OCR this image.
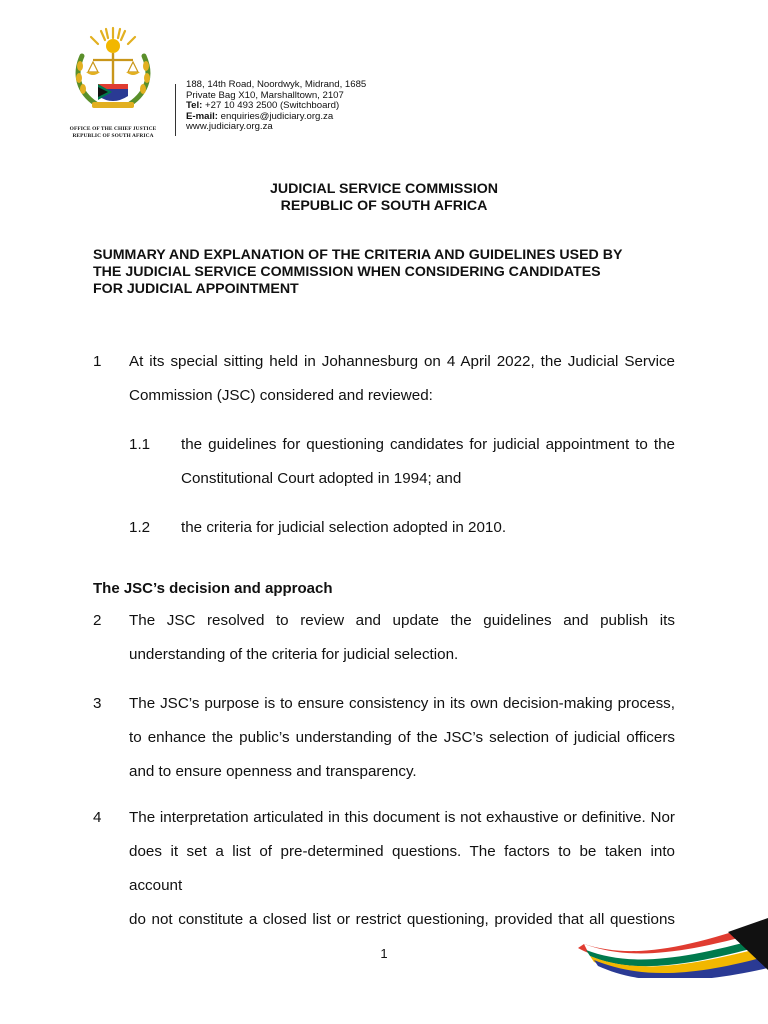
OFFICE OF THE CHIEF JUSTICE
REPUBLIC OF SOUTH AFRICA
188, 14th Road, Noordwyk, Midrand, 1685
Private Bag X10, Marshalltown, 2107
Tel: +27 10 493 2500 (Switchboard)
E-mail: enquiries@judiciary.org.za
www.judiciary.org.za
JUDICIAL SERVICE COMMISSION
REPUBLIC OF SOUTH AFRICA
SUMMARY AND EXPLANATION OF THE CRITERIA AND GUIDELINES USED BY
THE JUDICIAL SERVICE COMMISSION WHEN CONSIDERING CANDIDATES
FOR JUDICIAL APPOINTMENT
1 At its special sitting held in Johannesburg on 4 April 2022, the Judicial Service
Commission (JSC) considered and reviewed:
1.1 the guidelines for questioning candidates for judicial appointment to the
Constitutional Court adopted in 1994; and
1.2 the criteria for judicial selection adopted in 2010.
The JSC’s decision and approach
2 The JSC resolved to review and update the guidelines and publish its
understanding of the criteria for judicial selection.
3 The JSC’s purpose is to ensure consistency in its own decision-making process,
to enhance the public’s understanding of the JSC’s selection of judicial officers
and to ensure openness and transparency.
4 The interpretation articulated in this document is not exhaustive or definitive. Nor
does it set a list of pre-determined questions. The factors to be taken into account
do not constitute a closed list or restrict questioning, provided that all questions
1
